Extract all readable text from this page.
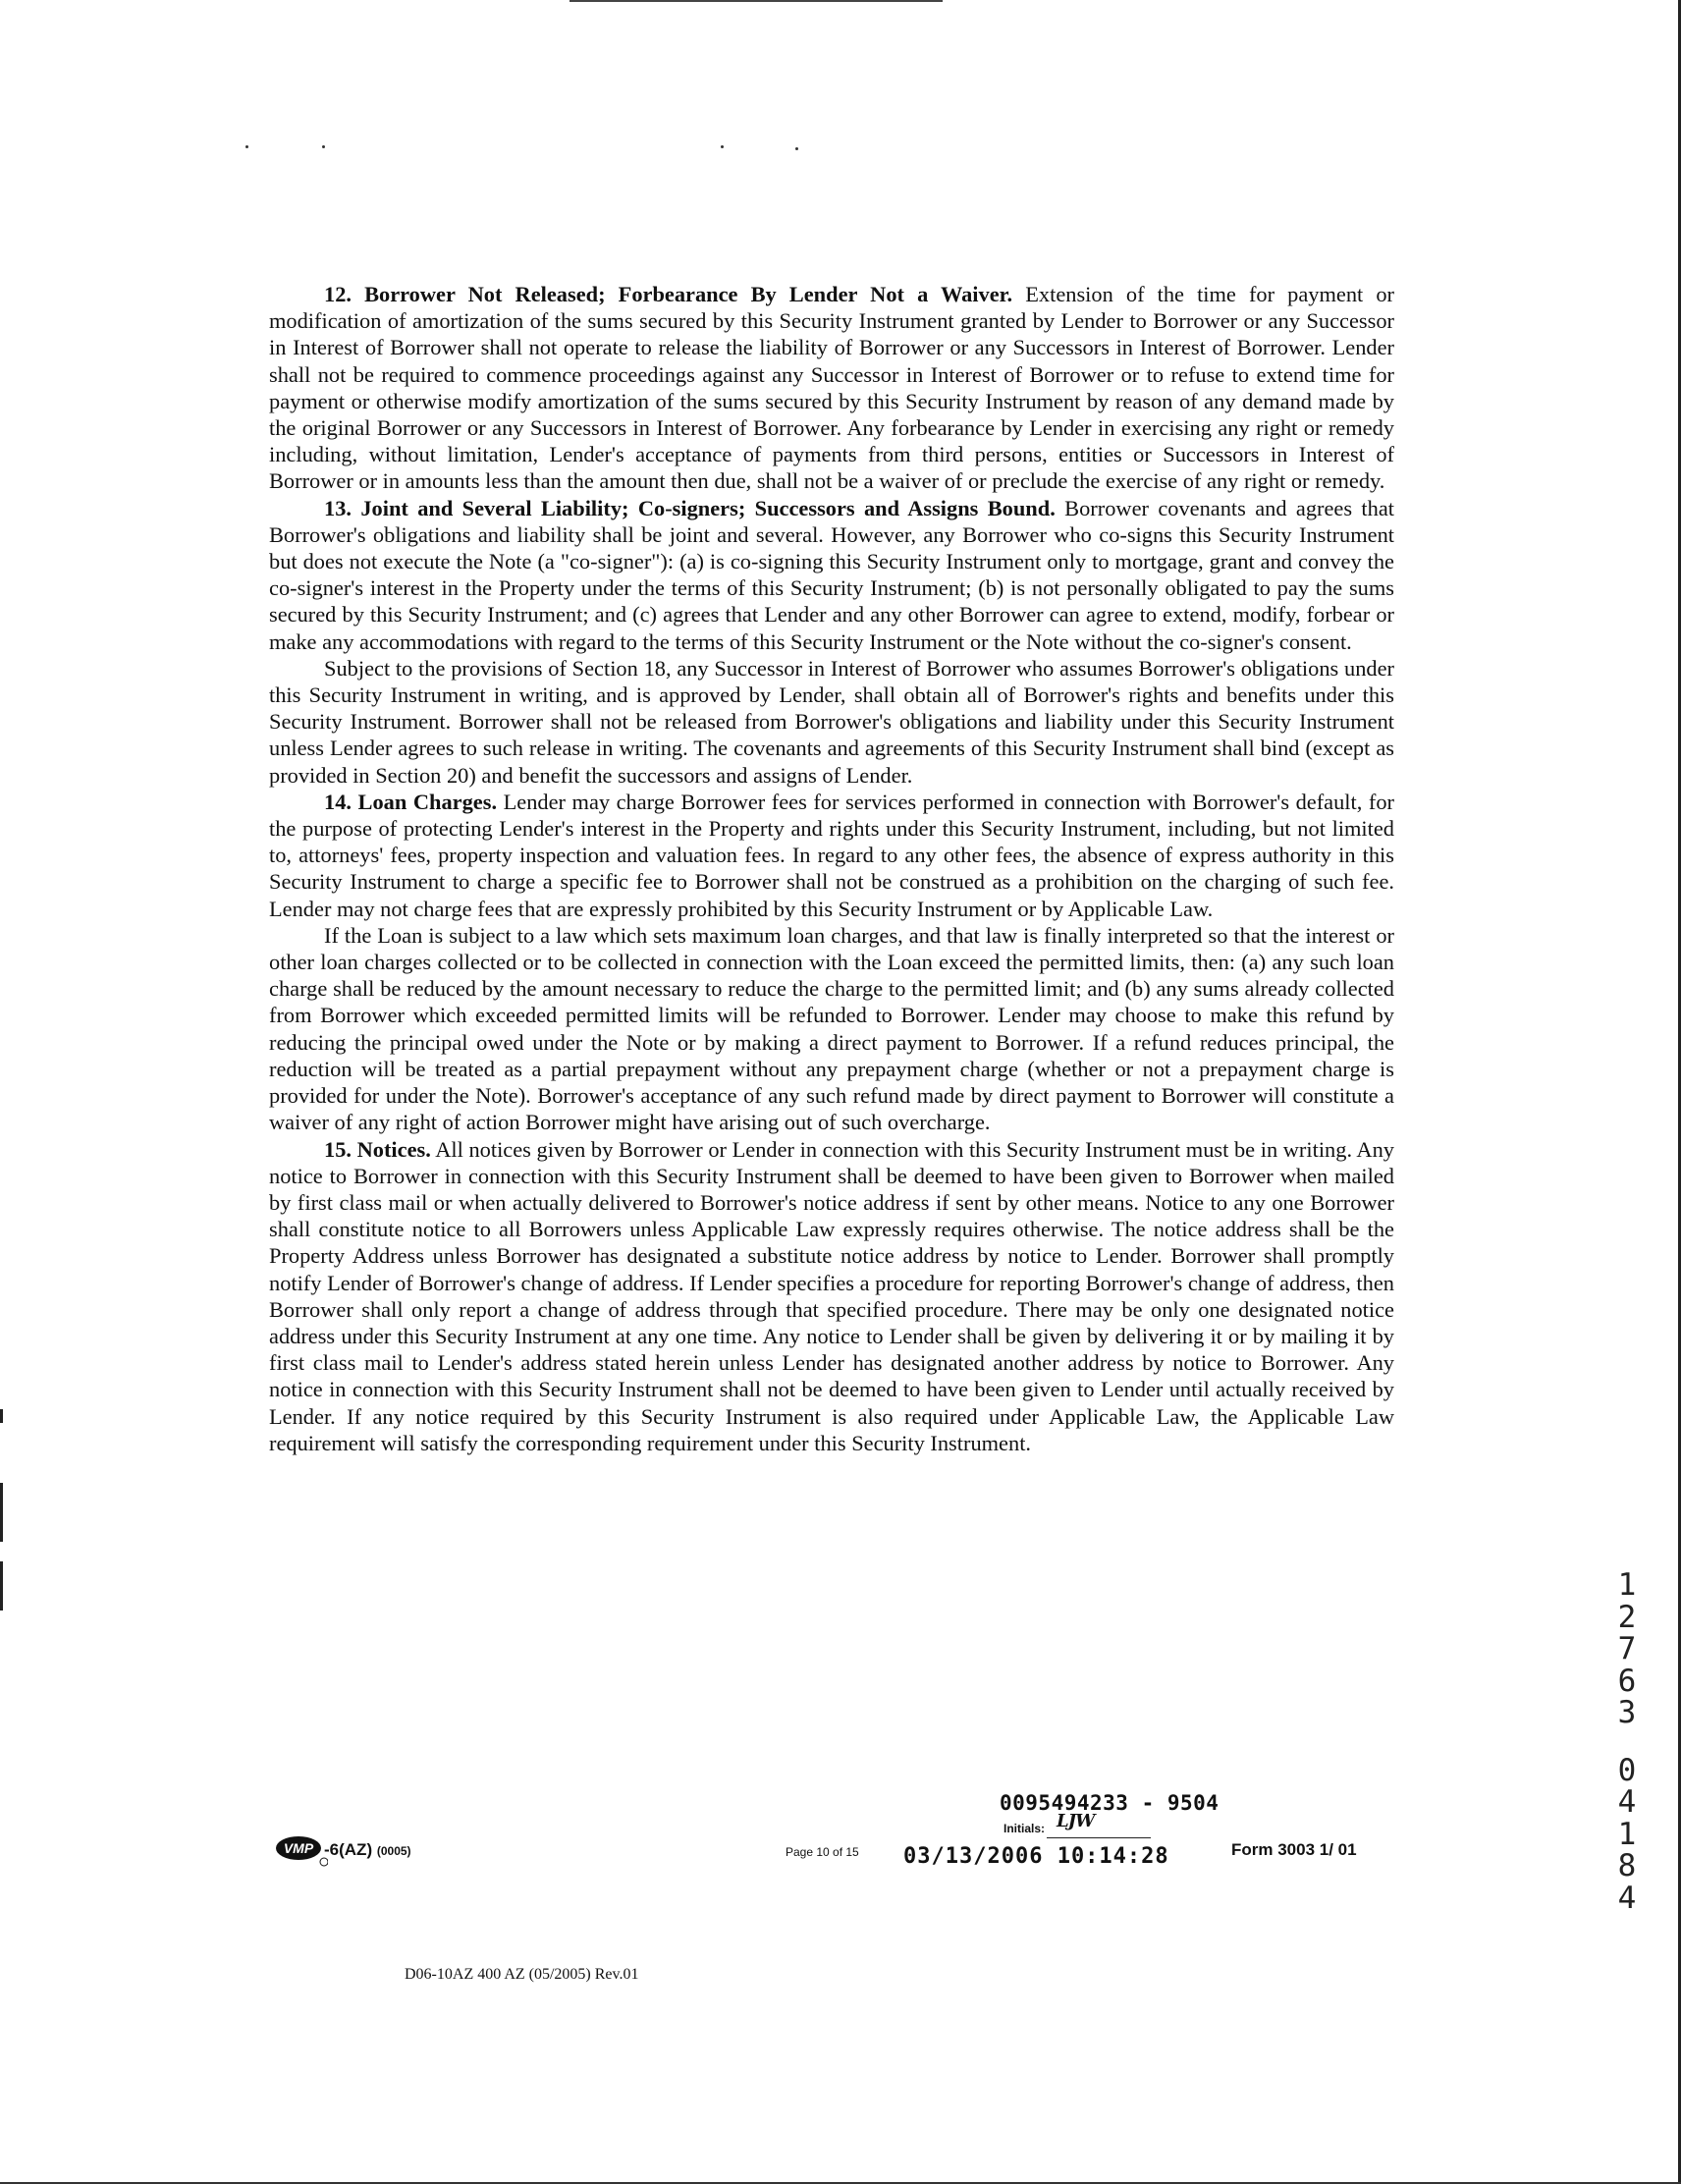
12. Borrower Not Released; Forbearance By Lender Not a Waiver. Extension of the time for payment or modification of amortization of the sums secured by this Security Instrument granted by Lender to Borrower or any Successor in Interest of Borrower shall not operate to release the liability of Borrower or any Successors in Interest of Borrower. Lender shall not be required to commence proceedings against any Successor in Interest of Borrower or to refuse to extend time for payment or otherwise modify amortization of the sums secured by this Security Instrument by reason of any demand made by the original Borrower or any Successors in Interest of Borrower. Any forbearance by Lender in exercising any right or remedy including, without limitation, Lender's acceptance of payments from third persons, entities or Successors in Interest of Borrower or in amounts less than the amount then due, shall not be a waiver of or preclude the exercise of any right or remedy.

13. Joint and Several Liability; Co-signers; Successors and Assigns Bound. Borrower covenants and agrees that Borrower's obligations and liability shall be joint and several. However, any Borrower who co-signs this Security Instrument but does not execute the Note (a "co-signer"): (a) is co-signing this Security Instrument only to mortgage, grant and convey the co-signer's interest in the Property under the terms of this Security Instrument; (b) is not personally obligated to pay the sums secured by this Security Instrument; and (c) agrees that Lender and any other Borrower can agree to extend, modify, forbear or make any accommodations with regard to the terms of this Security Instrument or the Note without the co-signer's consent.

Subject to the provisions of Section 18, any Successor in Interest of Borrower who assumes Borrower's obligations under this Security Instrument in writing, and is approved by Lender, shall obtain all of Borrower's rights and benefits under this Security Instrument. Borrower shall not be released from Borrower's obligations and liability under this Security Instrument unless Lender agrees to such release in writing. The covenants and agreements of this Security Instrument shall bind (except as provided in Section 20) and benefit the successors and assigns of Lender.

14. Loan Charges. Lender may charge Borrower fees for services performed in connection with Borrower's default, for the purpose of protecting Lender's interest in the Property and rights under this Security Instrument, including, but not limited to, attorneys' fees, property inspection and valuation fees. In regard to any other fees, the absence of express authority in this Security Instrument to charge a specific fee to Borrower shall not be construed as a prohibition on the charging of such fee. Lender may not charge fees that are expressly prohibited by this Security Instrument or by Applicable Law.

If the Loan is subject to a law which sets maximum loan charges, and that law is finally interpreted so that the interest or other loan charges collected or to be collected in connection with the Loan exceed the permitted limits, then: (a) any such loan charge shall be reduced by the amount necessary to reduce the charge to the permitted limit; and (b) any sums already collected from Borrower which exceeded permitted limits will be refunded to Borrower. Lender may choose to make this refund by reducing the principal owed under the Note or by making a direct payment to Borrower. If a refund reduces principal, the reduction will be treated as a partial prepayment without any prepayment charge (whether or not a prepayment charge is provided for under the Note). Borrower's acceptance of any such refund made by direct payment to Borrower will constitute a waiver of any right of action Borrower might have arising out of such overcharge.

15. Notices. All notices given by Borrower or Lender in connection with this Security Instrument must be in writing. Any notice to Borrower in connection with this Security Instrument shall be deemed to have been given to Borrower when mailed by first class mail or when actually delivered to Borrower's notice address if sent by other means. Notice to any one Borrower shall constitute notice to all Borrowers unless Applicable Law expressly requires otherwise. The notice address shall be the Property Address unless Borrower has designated a substitute notice address by notice to Lender. Borrower shall promptly notify Lender of Borrower's change of address. If Lender specifies a procedure for reporting Borrower's change of address, then Borrower shall only report a change of address through that specified procedure. There may be only one designated notice address under this Security Instrument at any one time. Any notice to Lender shall be given by delivering it or by mailing it by first class mail to Lender's address stated herein unless Lender has designated another address by notice to Borrower. Any notice in connection with this Security Instrument shall not be deemed to have been given to Lender until actually received by Lender. If any notice required by this Security Instrument is also required under Applicable Law, the Applicable Law requirement will satisfy the corresponding requirement under this Security Instrument.

0095494233 - 9504
Initials: LJW
VMP -6(AZ) (0005)	Page 10 of 15 03/13/2006 10:14:28	Form 3003 1/ 01
D06-10AZ 400 AZ (05/2005) Rev.01
1
2
7
6
3
0
4
1
8
4
